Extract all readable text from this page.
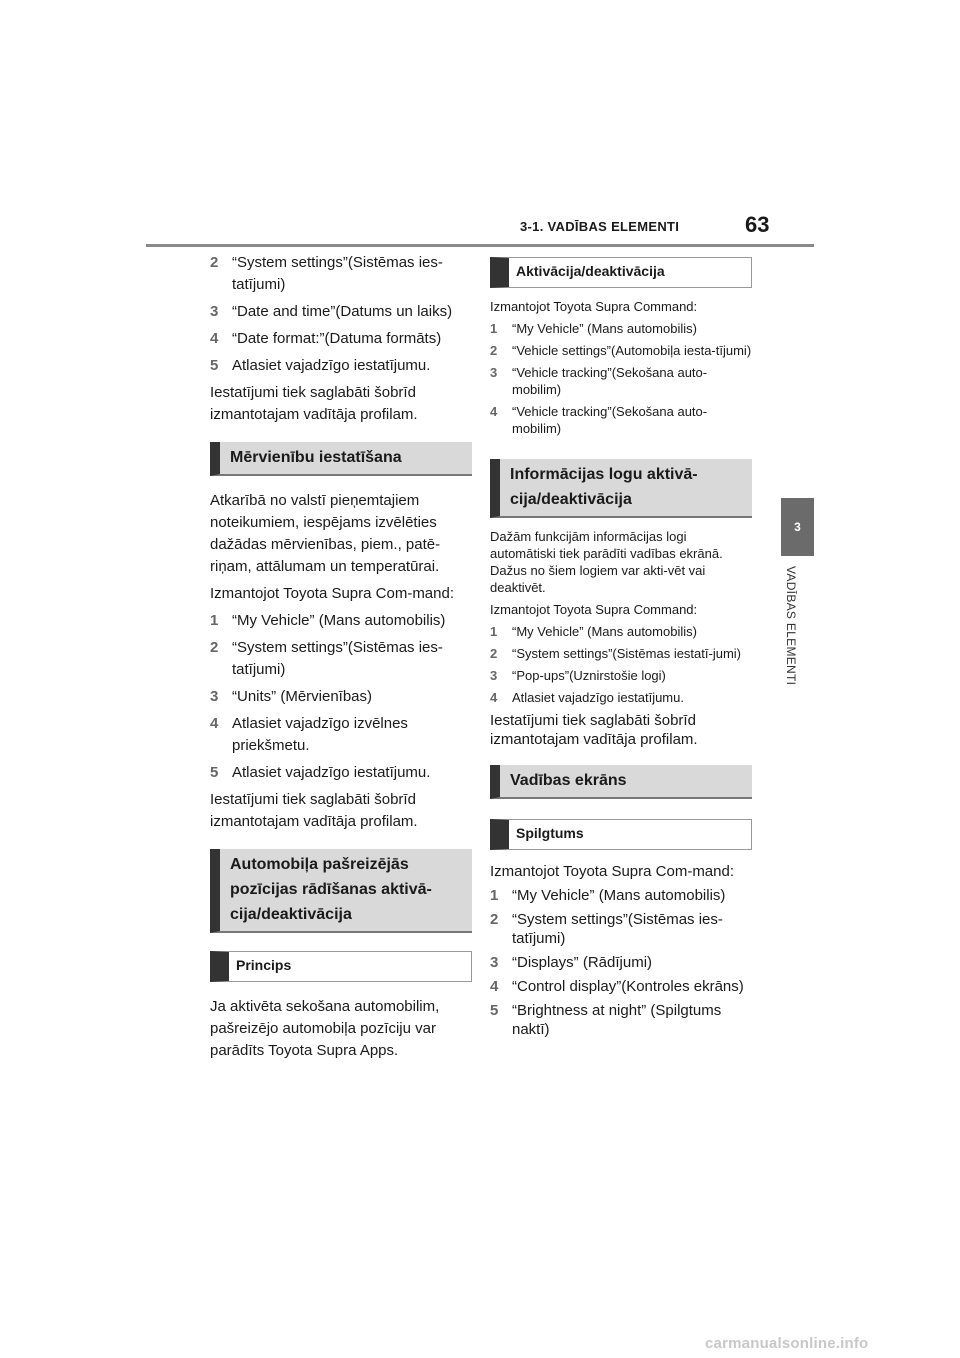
3-1. VADĪBAS ELEMENTI	63
3
VADĪBAS ELEMENTI
2 “System settings”(Sistēmas ies-tatījumi)
3 “Date and time”(Datums un laiks)
4 “Date format:”(Datuma formāts)
5 Atlasiet vajadzīgo iestatījumu.
Iestatījumi tiek saglabāti šobrīd izmantotajam vadītāja profilam.
Mērvienību iestatīšana
Atkarībā no valstī pieņemtajiem noteikumiem, iespējams izvēlēties dažādas mērvienības, piem., patē-riņam, attālumam un temperatūrai.
Izmantojot Toyota Supra Com-mand:
1 “My Vehicle” (Mans automobilis)
2 “System settings”(Sistēmas ies-tatījumi)
3 “Units” (Mērvienības)
4 Atlasiet vajadzīgo izvēlnes priekšmetu.
5 Atlasiet vajadzīgo iestatījumu.
Iestatījumi tiek saglabāti šobrīd izmantotajam vadītāja profilam.
Automobiļa pašreizējās pozīcijas rādīšanas aktivā-cija/deaktivācija
Princips
Ja aktivēta sekošana automobilim, pašreizējo automobiļa pozīciju var parādīts Toyota Supra Apps.
Aktivācija/deaktivācija
Izmantojot Toyota Supra Command:
1	“My Vehicle” (Mans automobilis)
2	“Vehicle settings”(Automobiļa iesta-tījumi)
3	“Vehicle tracking”(Sekošana auto-mobilim)
4	“Vehicle tracking”(Sekošana auto-mobilim)
Informācijas logu aktivā-cija/deaktivācija
Dažām funkcijām informācijas logi automātiski tiek parādīti vadības ekrānā. Dažus no šiem logiem var akti-vēt vai deaktivēt.
Izmantojot Toyota Supra Command:
1	“My Vehicle” (Mans automobilis)
2	“System settings”(Sistēmas iestatī-jumi)
3	“Pop-ups”(Uznirstošie logi)
4	Atlasiet vajadzīgo iestatījumu.
Iestatījumi tiek saglabāti šobrīd izmantotajam vadītāja profilam.
Vadības ekrāns
Spilgtums
Izmantojot Toyota Supra Com-mand:
1 “My Vehicle” (Mans automobilis)
2 “System settings”(Sistēmas ies-tatījumi)
3 “Displays” (Rādījumi)
4 “Control display”(Kontroles ekrāns)
5 “Brightness at night” (Spilgtums naktī)
carmanualsonline.info
